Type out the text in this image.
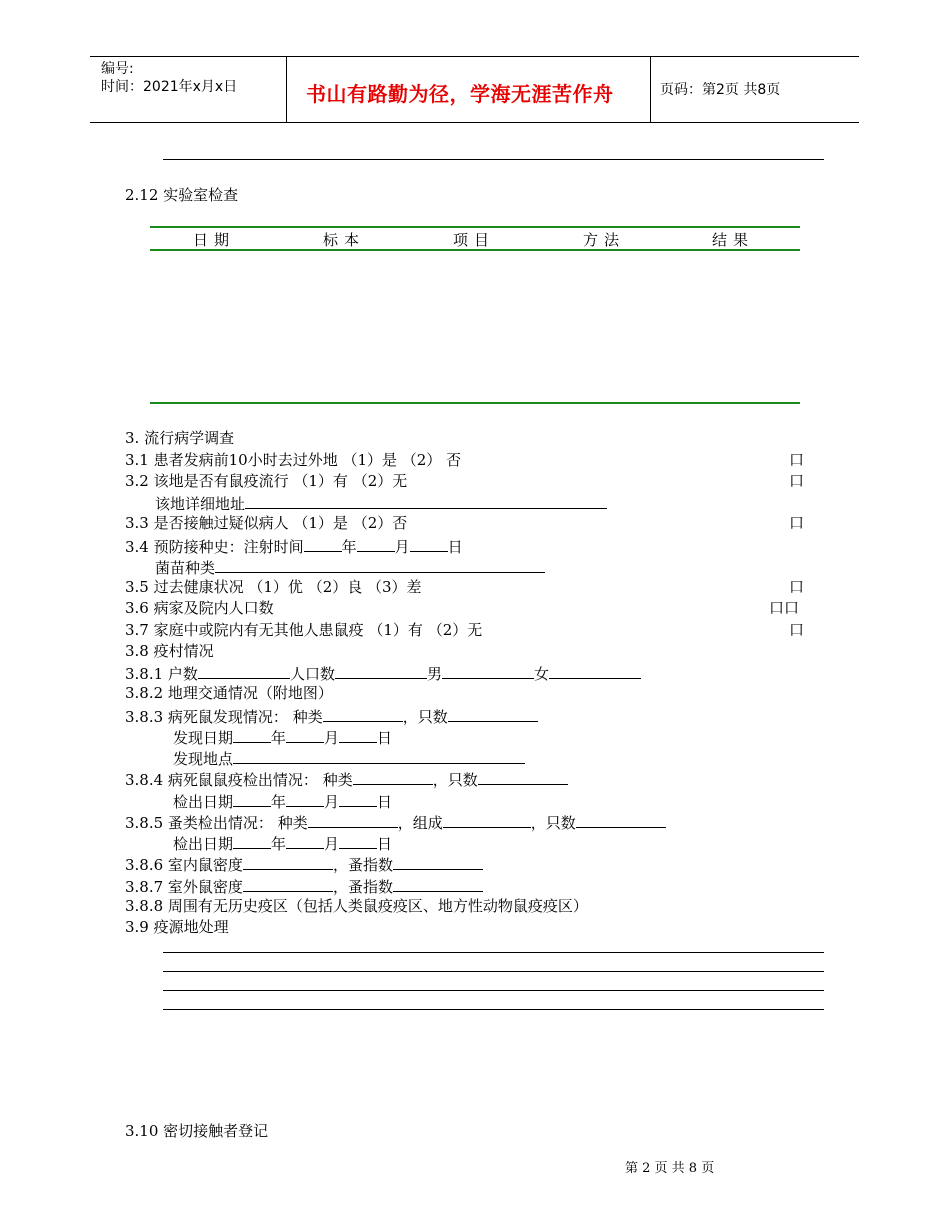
编号:
时间：2021年x月x日	书山有路勤为径，学海无涯苦作舟	页码：第2页 共8页
2.12 实验室检查
日期	标本	项目	方法	结果
3. 流行病学调查
3.1 患者发病前10小时去过外地 （1）是 （2） 否	口
3.2 该地是否有鼠疫流行 （1）有 （2）无	口
该地详细地址
3.3 是否接触过疑似病人 （1）是 （2）否	口
3.4 预防接种史：注射时间	年	月	日
菌苗种类
3.5 过去健康状况 （1）优 （2）良 （3）差	口
3.6 病家及院内人口数	口口
3.7 家庭中或院内有无其他人患鼠疫 （1）有 （2）无	口
3.8 疫村情况
3.8.1 户数	人口数	男	女
3.8.2 地理交通情况（附地图）
3.8.3 病死鼠发现情况： 种类	，只数
发现日期	年	月	日
发现地点
3.8.4 病死鼠鼠疫检出情况： 种类	，只数
检出日期	年	月	日
3.8.5 蚤类检出情况： 种类	，组成	，只数
检出日期	年	月	日
3.8.6 室内鼠密度	，蚤指数
3.8.7 室外鼠密度	，蚤指数
3.8.8 周围有无历史疫区（包括人类鼠疫疫区、地方性动物鼠疫疫区）
3.9 疫源地处理
3.10 密切接触者登记
第 2 页 共 8 页
